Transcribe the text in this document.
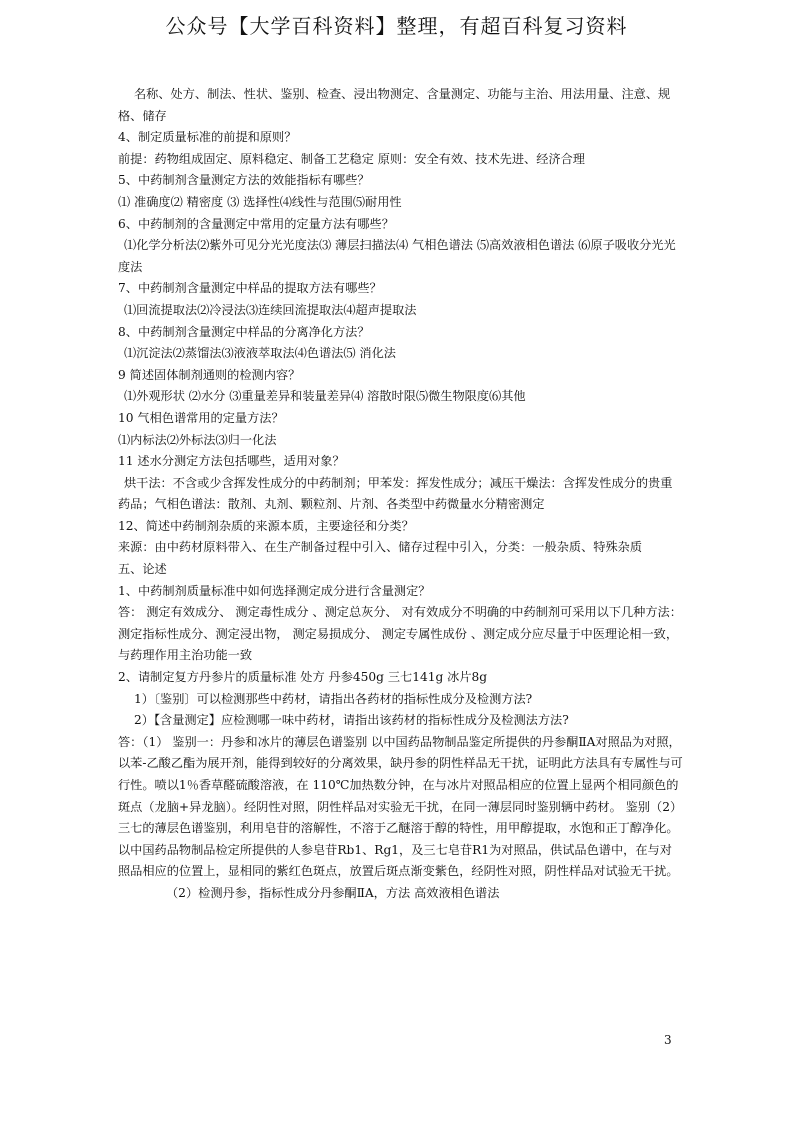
公众号【大学百科资料】整理，有超百科复习资料

名称、处方、制法、性状、鉴别、检查、浸出物测定、含量测定、功能与主治、用法用量、注意、规格、储存

4、制定质量标准的前提和原则？

前提：药物组成固定、原料稳定、制备工艺稳定 原则：安全有效、技术先进、经济合理

5、中药制剂含量测定方法的效能指标有哪些？

⑴ 准确度⑵ 精密度 ⑶ 选择性⑷线性与范围⑸耐用性

6、中药制剂的含量测定中常用的定量方法有哪些？

⑴化学分析法⑵紫外可见分光光度法⑶ 薄层扫描法⑷ 气相色谱法 ⑸高效液相色谱法 ⑹原子吸收分光光度法

7、中药制剂含量测定中样品的提取方法有哪些？

⑴回流提取法⑵冷浸法⑶连续回流提取法⑷超声提取法

8、中药制剂含量测定中样品的分离净化方法？

⑴沉淀法⑵蒸馏法⑶液液萃取法⑷色谱法⑸ 消化法

9 简述固体制剂通则的检测内容？

⑴外观形状 ⑵水分 ⑶重量差异和装量差异⑷ 溶散时限⑸微生物限度⑹其他

10 气相色谱常用的定量方法？

⑴内标法⑵外标法⑶归一化法

11 述水分测定方法包括哪些，适用对象？

烘干法：不含或少含挥发性成分的中药制剂；甲苯发：挥发性成分；减压干燥法：含挥发性成分的贵重药品；气相色谱法：散剂、丸剂、颗粒剂、片剂、各类型中药微量水分精密测定

12、简述中药制剂杂质的来源本质，主要途径和分类？

来源：由中药材原料带入、在生产制备过程中引入、储存过程中引入，分类：一般杂质、特殊杂质

五、论述

1、中药制剂质量标准中如何选择测定成分进行含量测定？

答： 测定有效成分、 测定毒性成分 、测定总灰分、 对有效成分不明确的中药制剂可采用以下几种方法：测定指标性成分、测定浸出物， 测定易损成分、 测定专属性成份 、测定成分应尽量于中医理论相一致，与药理作用主治功能一致

2、请制定复方丹参片的质量标准 处方 丹参450g 三七141g 冰片8g

1）〔鉴别〕可以检测那些中药材，请指出各药材的指标性成分及检测方法?

2）【含量测定】应检测哪一味中药材，请指出该药材的指标性成分及检测法方法?

答：（1） 鉴别一：丹参和冰片的薄层色谱鉴别 以中国药品物制品鉴定所提供的丹参酮ⅡA对照品为对照，以苯-乙酸乙酯为展开剂，能得到较好的分离效果，缺丹参的阴性样品无干扰，证明此方法具有专属性与可行性。喷以1％香草醛硫酸溶液，在 110℃加热数分钟，在与冰片对照品相应的位置上显两个相同颜色的斑点（龙脑+异龙脑）。经阴性对照，阴性样品对实验无干扰，在同一薄层同时鉴别辆中药材。 鉴别（2）三七的薄层色谱鉴别，利用皂苷的溶解性，不溶于乙醚溶于醇的特性，用甲醇提取，水饱和正丁醇净化。以中国药品物制品检定所提供的人参皂苷Rb1、Rg1，及三七皂苷R1为对照品，供试品色谱中，在与对照品相应的位置上，显相同的紫红色斑点，放置后斑点渐变紫色，经阴性对照，阴性样品对试验无干扰。

（2）检测丹参，指标性成分丹参酮ⅡA，方法 高效液相色谱法

3
